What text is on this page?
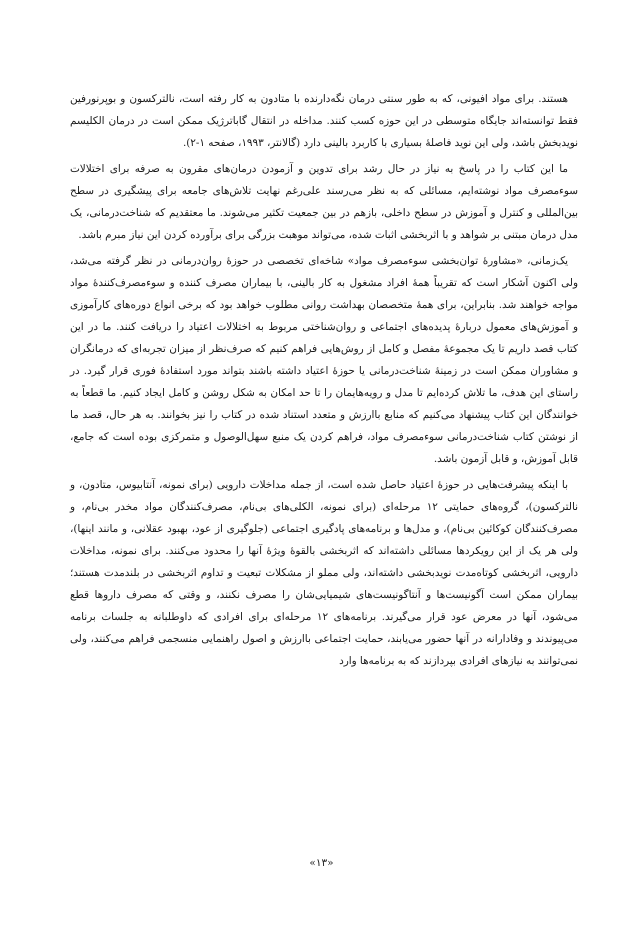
هستند. برای مواد افیونی، که به طور سنتی درمان نگه‌دارنده با متادون به کار رفته است، نالترکسون و بوپرنورفین فقط توانسته‌اند جایگاه متوسطی در این حوزه کسب کنند. مداخله در انتقال گاباترژیک ممکن است در درمان الکلیسم نویدبخش باشد، ولی این نوید فاصلهٔ بسیاری با کاربرد بالینی دارد (گالانتر، ۱۹۹۳، صفحه ۱-۲).

ما این کتاب را در پاسخ به نیاز در حال رشد برای تدوین و آزمودن درمان‌های مقرون به صرفه برای اختلالات سوءمصرف مواد نوشته‌ایم، مسائلی که به نظر می‌رسند علی‌رغم نهایت تلاش‌های جامعه برای پیشگیری در سطح بین‌المللی و کنترل و آموزش در سطح داخلی، بازهم در بین جمعیت تکثیر می‌شوند. ما معتقدیم که شناخت‌درمانی، یک مدل درمان مبتنی بر شواهد و با اثربخشی اثبات شده، می‌تواند موهبت بزرگی برای برآورده کردن این نیاز مبرم باشد.

یک‌زمانی، «مشاورهٔ توان‌بخشی سوءمصرف مواد» شاخه‌ای تخصصی در حوزهٔ روان‌درمانی در نظر گرفته می‌شد، ولی اکنون آشکار است که تقریباً همهٔ افراد مشغول به کار بالینی، با بیماران مصرف کننده و سوءمصرف‌کنندهٔ مواد مواجه خواهند شد. بنابراین، برای همهٔ متخصصان بهداشت روانی مطلوب خواهد بود که برخی انواع دوره‌های کارآموزی و آموزش‌های معمول دربارهٔ پدیده‌های اجتماعی و روان‌شناختی مربوط به اختلالات اعتیاد را دریافت کنند. ما در این کتاب قصد داریم تا یک مجموعهٔ مفصل و کامل از روش‌هایی فراهم کنیم که صرف‌نظر از میزان تجربه‌ای که درمانگران و مشاوران ممکن است در زمینهٔ شناخت‌درمانی یا حوزهٔ اعتیاد داشته باشند بتواند مورد استفادهٔ فوری قرار گیرد. در راستای این هدف، ما تلاش کرده‌ایم تا مدل و رویه‌هایمان را تا حد امکان به شکل روشن و کامل ایجاد کنیم. ما قطعاً به خوانندگان این کتاب پیشنهاد می‌کنیم که منابع باارزش و متعدد استناد شده در کتاب را نیز بخوانند. به هر حال، قصد ما از نوشتن کتاب شناخت‌درمانی سوءمصرف مواد، فراهم کردن یک منبع سهل‌الوصول و متمرکزی بوده است که جامع، قابل آموزش، و قابل آزمون باشد.

با اینکه پیشرفت‌هایی در حوزهٔ اعتیاد حاصل شده است، از جمله مداخلات دارویی (برای نمونه، آنتابیوس، متادون، و نالترکسون)، گروه‌های حمایتی ۱۲ مرحله‌ای (برای نمونه، الکلی‌های بی‌نام، مصرف‌کنندگان مواد مخدر بی‌نام، و مصرف‌کنندگان کوکائین بی‌نام)، و مدل‌ها و برنامه‌های پادگیری اجتماعی (جلوگیری از عود، بهبود عقلانی، و مانند اینها)، ولی هر یک از این رویکردها مسائلی داشته‌اند که اثربخشی بالقوهٔ ویژهٔ آنها را محدود می‌کنند. برای نمونه، مداخلات دارویی، اثربخشی کوتاه‌مدت نویدبخشی داشته‌اند، ولی مملو از مشکلات تبعیت و تداوم اثربخشی در بلندمدت هستند؛ بیماران ممکن است آگونیست‌ها و آنتاگونیست‌های شیمیایی‌شان را مصرف نکنند، و وقتی که مصرف داروها قطع می‌شود، آنها در معرض عود قرار می‌گیرند. برنامه‌های ۱۲ مرحله‌ای برای افرادی که داوطلبانه به جلسات برنامه می‌پیوندند و وفادارانه در آنها حضور می‌یابند، حمایت اجتماعی باارزش و اصول راهنمایی منسجمی فراهم می‌کنند، ولی نمی‌توانند به نیازهای افرادی بپردازند که به برنامه‌ها وارد

«۱۳»
